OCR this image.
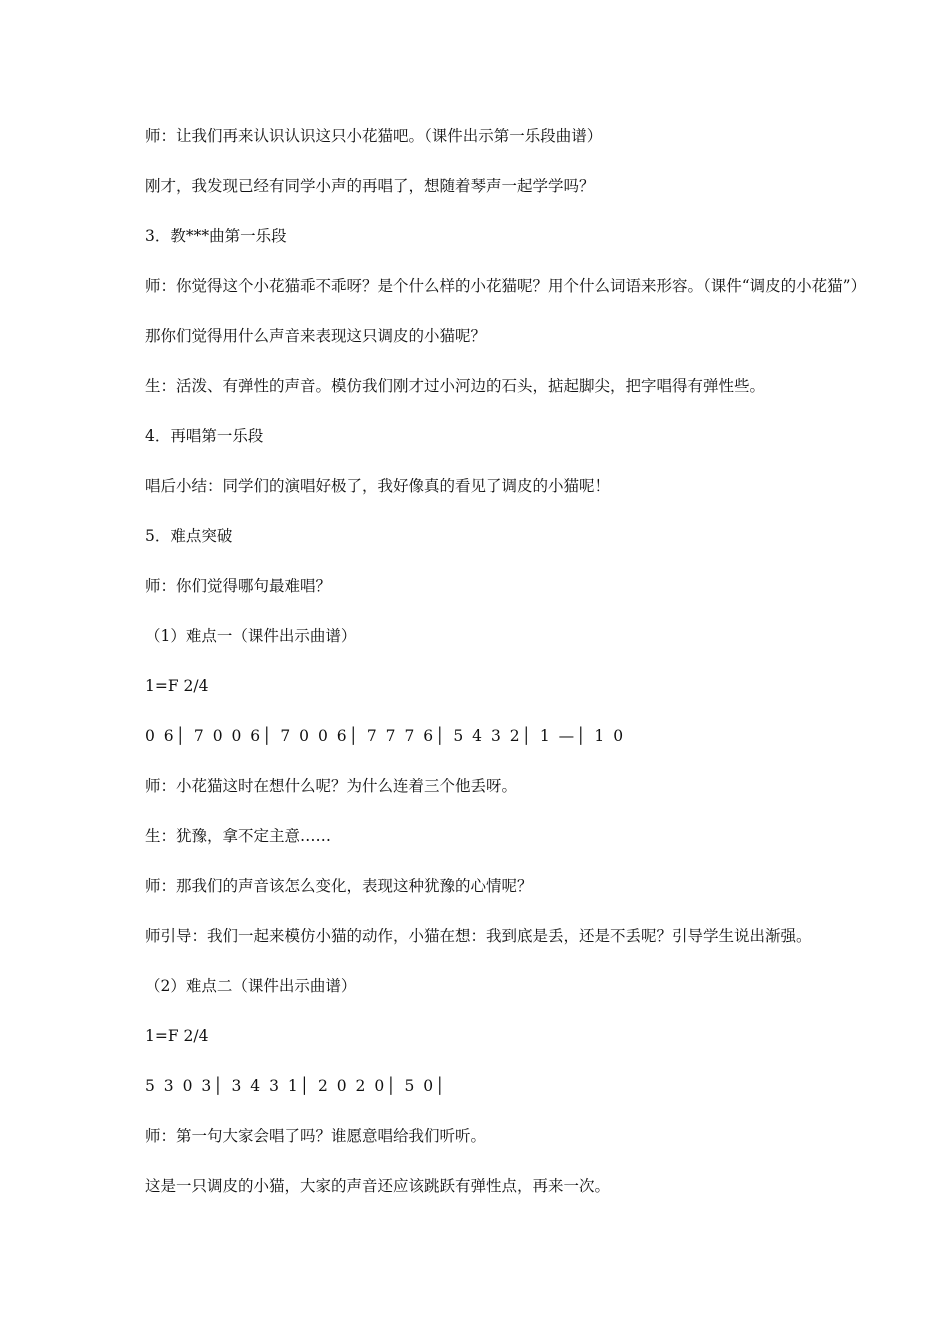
师：让我们再来认识认识这只小花猫吧。（课件出示第一乐段曲谱）
刚才，我发现已经有同学小声的再唱了，想随着琴声一起学学吗？
3．教***曲第一乐段
师：你觉得这个小花猫乖不乖呀？是个什么样的小花猫呢？用个什么词语来形容。（课件“调皮的小花猫”）
那你们觉得用什么声音来表现这只调皮的小猫呢？
生：活泼、有弹性的声音。模仿我们刚才过小河边的石头，掂起脚尖，把字唱得有弹性些。
4．再唱第一乐段
唱后小结：同学们的演唱好极了，我好像真的看见了调皮的小猫呢！
5．难点突破
师：你们觉得哪句最难唱？
（1）难点一（课件出示曲谱）
1=F 2/4
0 6│ 7 0 0 6│ 7 0 0 6│ 7 7 7 6│ 5 4 3 2│ 1 —│ 1 0
师：小花猫这时在想什么呢？为什么连着三个他丢呀。
生：犹豫，拿不定主意……
师：那我们的声音该怎么变化，表现这种犹豫的心情呢？
师引导：我们一起来模仿小猫的动作，小猫在想：我到底是丢，还是不丢呢？引导学生说出渐强。
（2）难点二（课件出示曲谱）
1=F 2/4
5 3 0 3│ 3 4 3 1│ 2 0 2 0│ 5 0│
师：第一句大家会唱了吗？谁愿意唱给我们听听。
这是一只调皮的小猫，大家的声音还应该跳跃有弹性点，再来一次。
